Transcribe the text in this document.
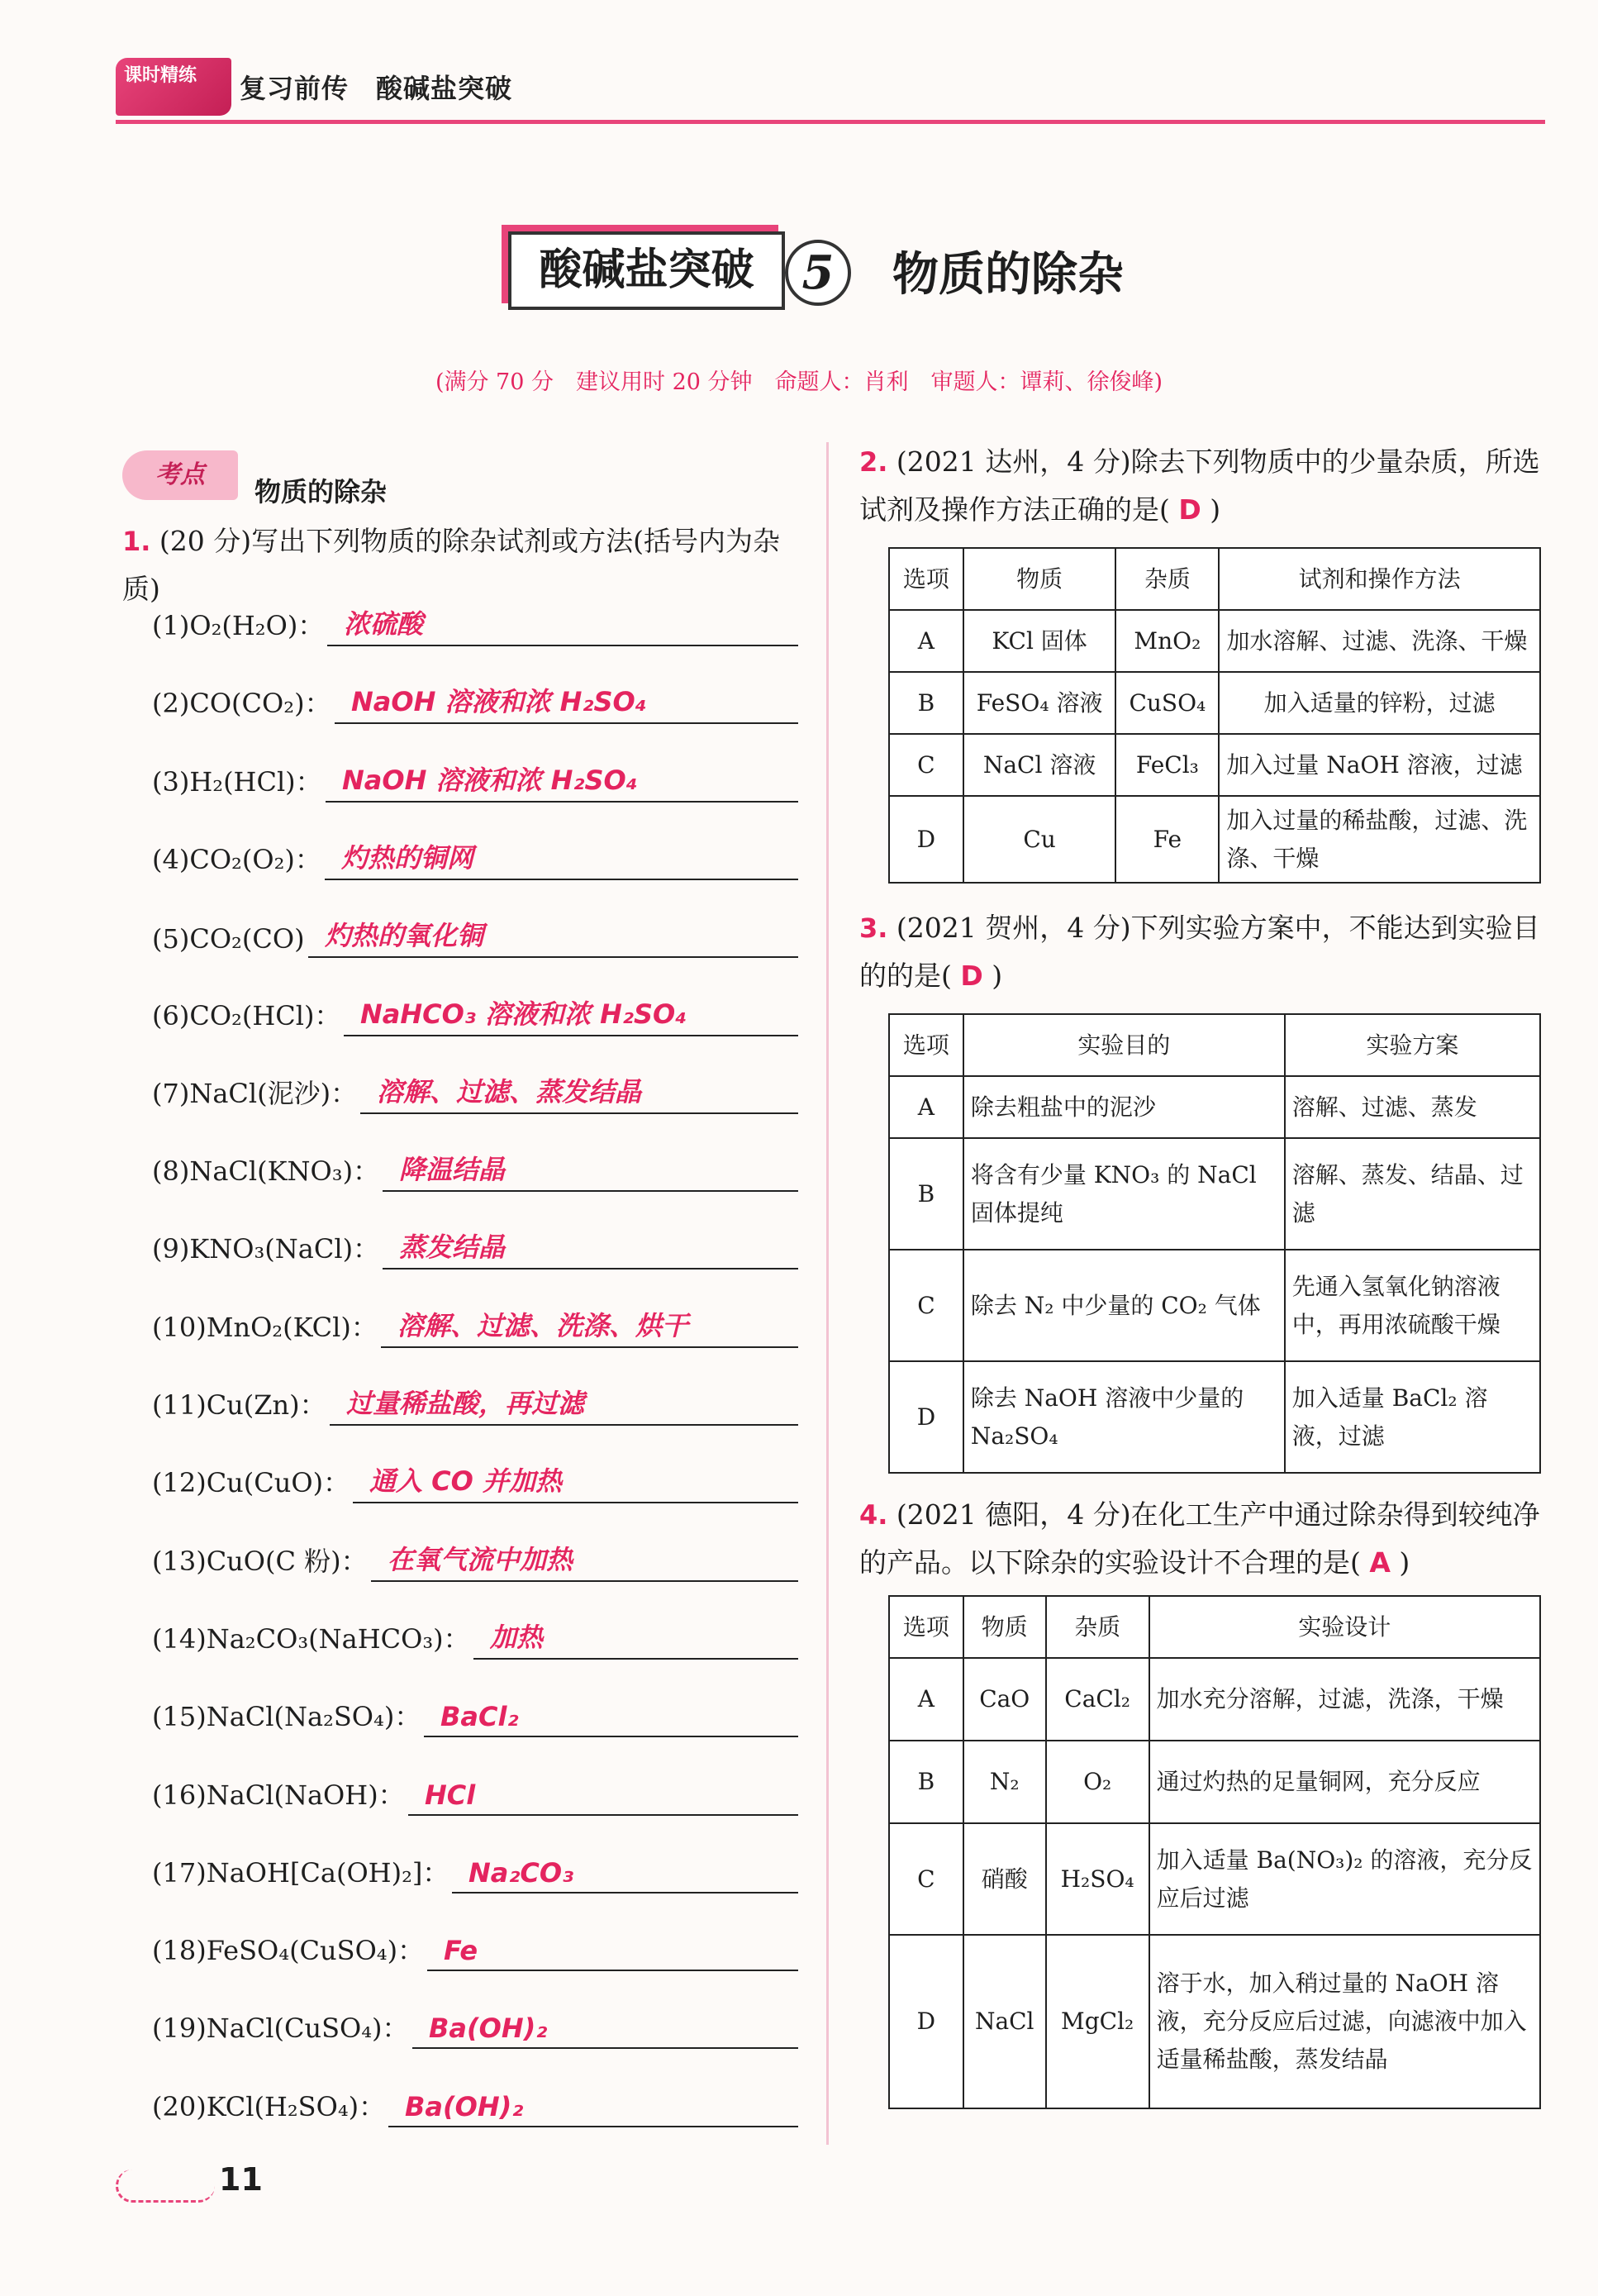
课时精练	复习前传　酸碱盐突破
酸碱盐突破	5	物质的除杂
(满分 70 分　建议用时 20 分钟　命题人：肖利　审题人：谭莉、徐俊峰)
考点
物质的除杂
1. (20 分)写出下列物质的除杂试剂或方法(括号内为杂质)
(1)O₂(H₂O)： 浓硫酸
(2)CO(CO₂)： NaOH 溶液和浓 H₂SO₄
(3)H₂(HCl)： NaOH 溶液和浓 H₂SO₄
(4)CO₂(O₂)： 灼热的铜网
(5)CO₂(CO) 灼热的氧化铜
(6)CO₂(HCl)： NaHCO₃ 溶液和浓 H₂SO₄
(7)NaCl(泥沙)： 溶解、过滤、蒸发结晶
(8)NaCl(KNO₃)： 降温结晶
(9)KNO₃(NaCl)： 蒸发结晶
(10)MnO₂(KCl)： 溶解、过滤、洗涤、烘干
(11)Cu(Zn)： 过量稀盐酸，再过滤
(12)Cu(CuO)： 通入 CO 并加热
(13)CuO(C 粉)： 在氧气流中加热
(14)Na₂CO₃(NaHCO₃)： 加热
(15)NaCl(Na₂SO₄)： BaCl₂
(16)NaCl(NaOH)： HCl
(17)NaOH[Ca(OH)₂]： Na₂CO₃
(18)FeSO₄(CuSO₄)： Fe
(19)NaCl(CuSO₄)： Ba(OH)₂
(20)KCl(H₂SO₄)： Ba(OH)₂
2. (2021 达州，4 分)除去下列物质中的少量杂质，所选试剂及操作方法正确的是( D )
选项	物质	杂质	试剂和操作方法
A	KCl 固体	MnO₂	加水溶解、过滤、洗涤、干燥
B	FeSO₄ 溶液	CuSO₄	加入适量的锌粉，过滤
C	NaCl 溶液	FeCl₃	加入过量 NaOH 溶液，过滤
D	Cu	Fe	加入过量的稀盐酸，过滤、洗涤、干燥
3. (2021 贺州，4 分)下列实验方案中，不能达到实验目的的是( D )
选项	实验目的	实验方案
A	除去粗盐中的泥沙	溶解、过滤、蒸发
B	将含有少量 KNO₃ 的 NaCl 固体提纯	溶解、蒸发、结晶、过滤
C	除去 N₂ 中少量的 CO₂ 气体	先通入氢氧化钠溶液中，再用浓硫酸干燥
D	除去 NaOH 溶液中少量的 Na₂SO₄	加入适量 BaCl₂ 溶液，过滤
4. (2021 德阳，4 分)在化工生产中通过除杂得到较纯净的产品。以下除杂的实验设计不合理的是( A )
选项	物质	杂质	实验设计
A	CaO	CaCl₂	加水充分溶解，过滤，洗涤，干燥
B	N₂	O₂	通过灼热的足量铜网，充分反应
C	硝酸	H₂SO₄	加入适量 Ba(NO₃)₂ 的溶液，充分反应后过滤
D	NaCl	MgCl₂	溶于水，加入稍过量的 NaOH 溶液，充分反应后过滤，向滤液中加入适量稀盐酸，蒸发结晶
11
